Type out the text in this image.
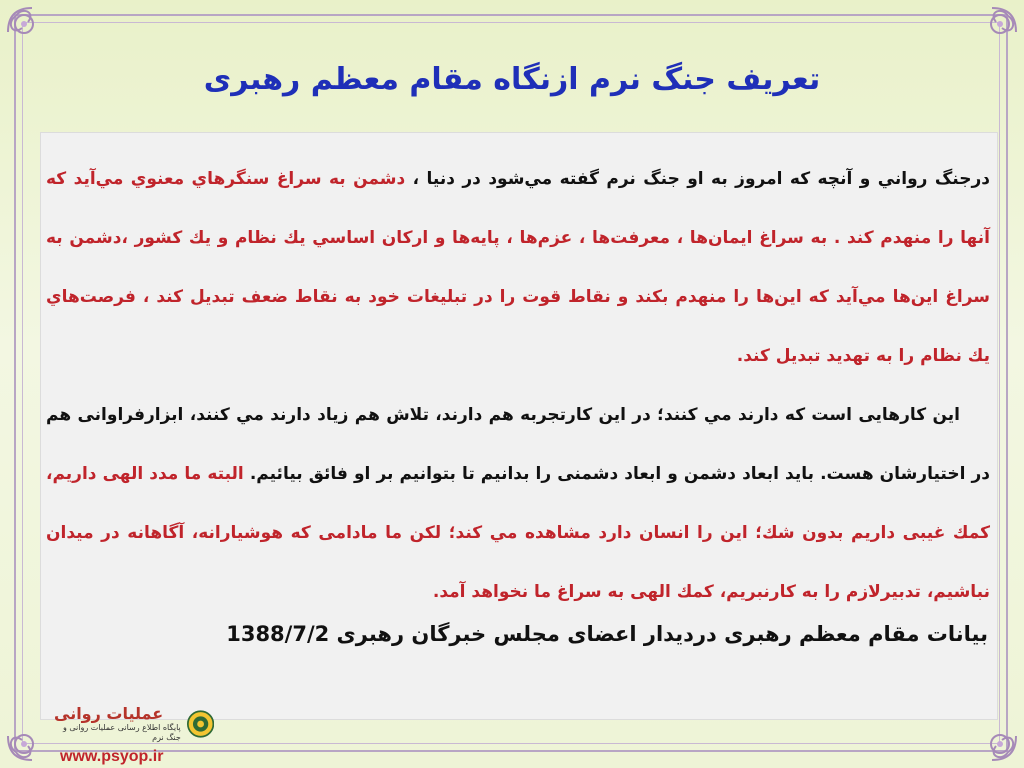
تعريف جنگ نرم ازنگاه مقام معظم رهبری

درجنگ رواني و آنچه كه امروز به او جنگ نرم گفته مي‌شود در دنيا ، دشمن به سراغ سنگرهاي معنوي مي‌آيد كه آنها را منهدم كند . به سراغ ايمان‌ها ، معرفت‌ها ، عزم‌ها ، پايه‌ها و اركان اساسي يك نظام و يك كشور ،دشمن به سراغ اين‌ها مي‌آيد كه اين‌ها را منهدم بكند و نقاط قوت را در تبليغات خود به نقاط ضعف تبديل كند ، فرصت‌هاي يك نظام را به تهديد تبديل كند.

اين كارهايی است كه دارند مي كنند؛ در اين كارتجربه هم دارند، تلاش هم زياد دارند مي كنند، ابزارفراوانی هم در اختيارشان هست. بايد ابعاد دشمن و ابعاد دشمنی را بدانيم تا بتوانيم بر او فائق بيائيم. البته ما مدد الهی داريم، كمك غيبی داريم بدون شك؛ اين را انسان دارد مشاهده مي كند؛ لكن ما مادامی كه هوشيارانه، آگاهانه در ميدان نباشيم، تدبيرلازم را به كارنبريم، كمك الهی به سراغ ما نخواهد آمد.

بيانات مقام معظم رهبری دردیدار اعضای مجلس خبرگان رهبری 1388/7/2
عملیات روانی
پایگاه اطلاع رسانی عملیات روانی و جنگ نرم
www.psyop.ir
